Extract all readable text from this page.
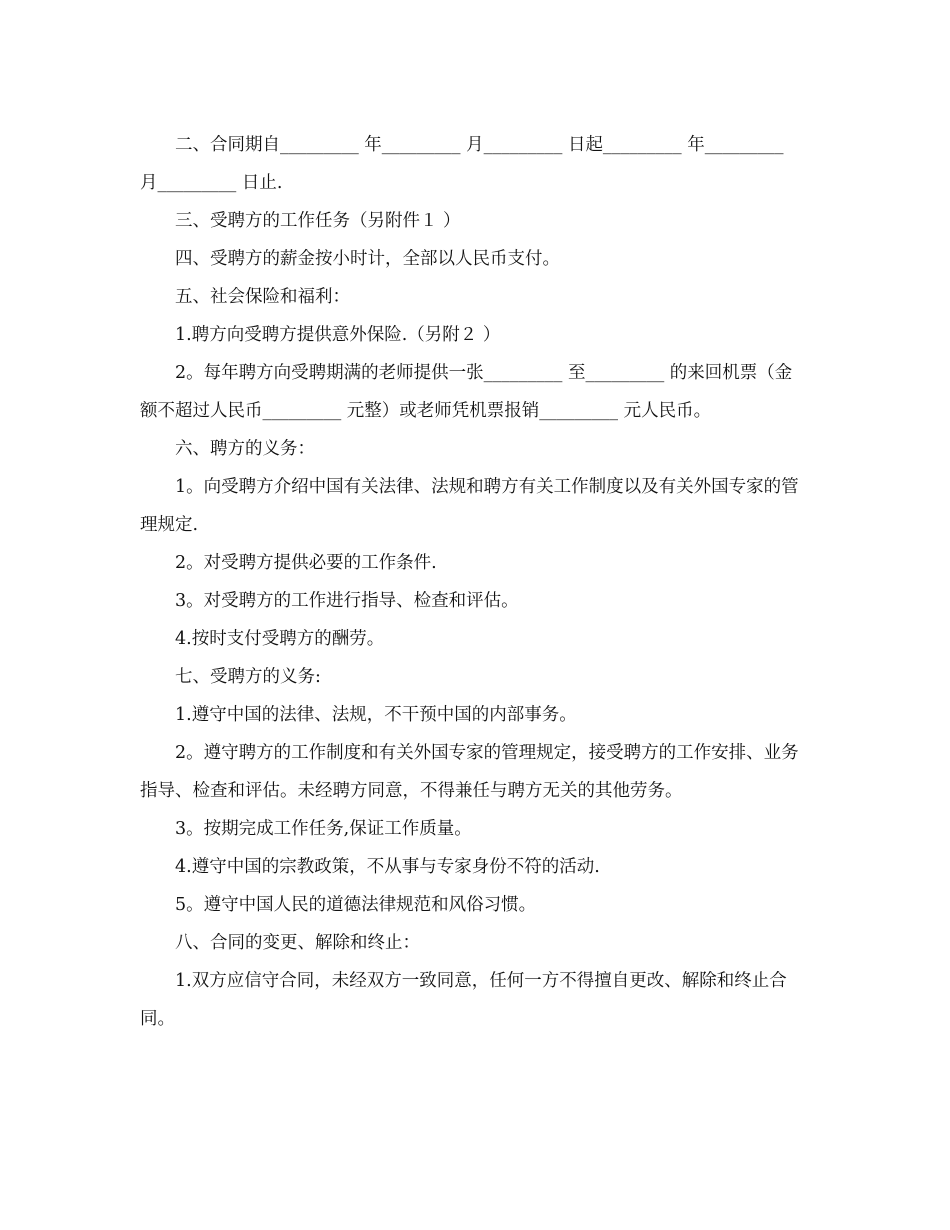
二、合同期自_________ 年_________ 月_________ 日起_________ 年_________ 月_________ 日止.

三、受聘方的工作任务（另附件１ ）

四、受聘方的薪金按小时计，全部以人民币支付。

五、社会保险和福利：

1.聘方向受聘方提供意外保险.（另附２ ）

2。每年聘方向受聘期满的老师提供一张_________ 至_________ 的来回机票（金额不超过人民币_________ 元整）或老师凭机票报销_________ 元人民币。

六、聘方的义务：

1。向受聘方介绍中国有关法律、法规和聘方有关工作制度以及有关外国专家的管理规定.

2。对受聘方提供必要的工作条件.

3。对受聘方的工作进行指导、检查和评估。

4.按时支付受聘方的酬劳。

七、受聘方的义务:

1.遵守中国的法律、法规，不干预中国的内部事务。

2。遵守聘方的工作制度和有关外国专家的管理规定，接受聘方的工作安排、业务指导、检查和评估。未经聘方同意，不得兼任与聘方无关的其他劳务。

3。按期完成工作任务,保证工作质量。

4.遵守中国的宗教政策，不从事与专家身份不符的活动.

5。遵守中国人民的道德法律规范和风俗习惯。

八、合同的变更、解除和终止：

1.双方应信守合同，未经双方一致同意，任何一方不得擅自更改、解除和终止合同。
